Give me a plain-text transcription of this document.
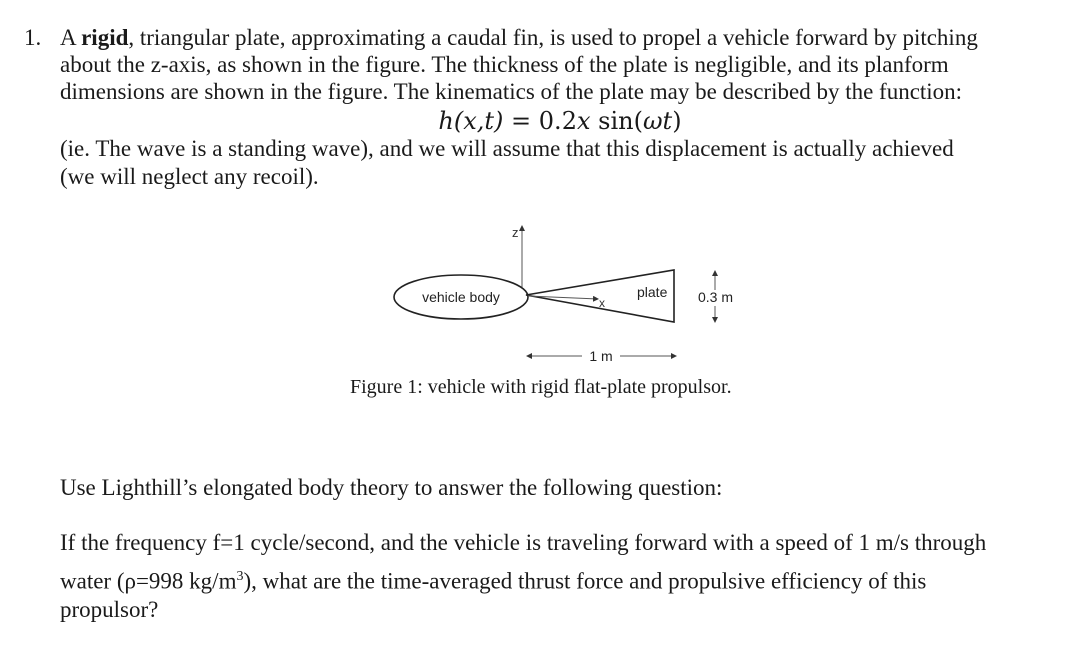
1. A rigid, triangular plate, approximating a caudal fin, is used to propel a vehicle forward by pitching
about the z-axis, as shown in the figure. The thickness of the plate is negligible, and its planform
dimensions are shown in the figure. The kinematics of the plate may be described by the function:
h(x,t) = 0.2x sin(ωt)
(ie. The wave is a standing wave), and we will assume that this displacement is actually achieved
(we will neglect any recoil).
z
vehicle body	plate
x	0.3 m
1 m
Figure 1: vehicle with rigid flat-plate propulsor.
Use Lighthill’s elongated body theory to answer the following question:
If the frequency f=1 cycle/second, and the vehicle is traveling forward with a speed of 1 m/s through
water (ρ=998 $kg/m^3$), what are the time-averaged thrust force and propulsive efficiency of this
propulsor?
